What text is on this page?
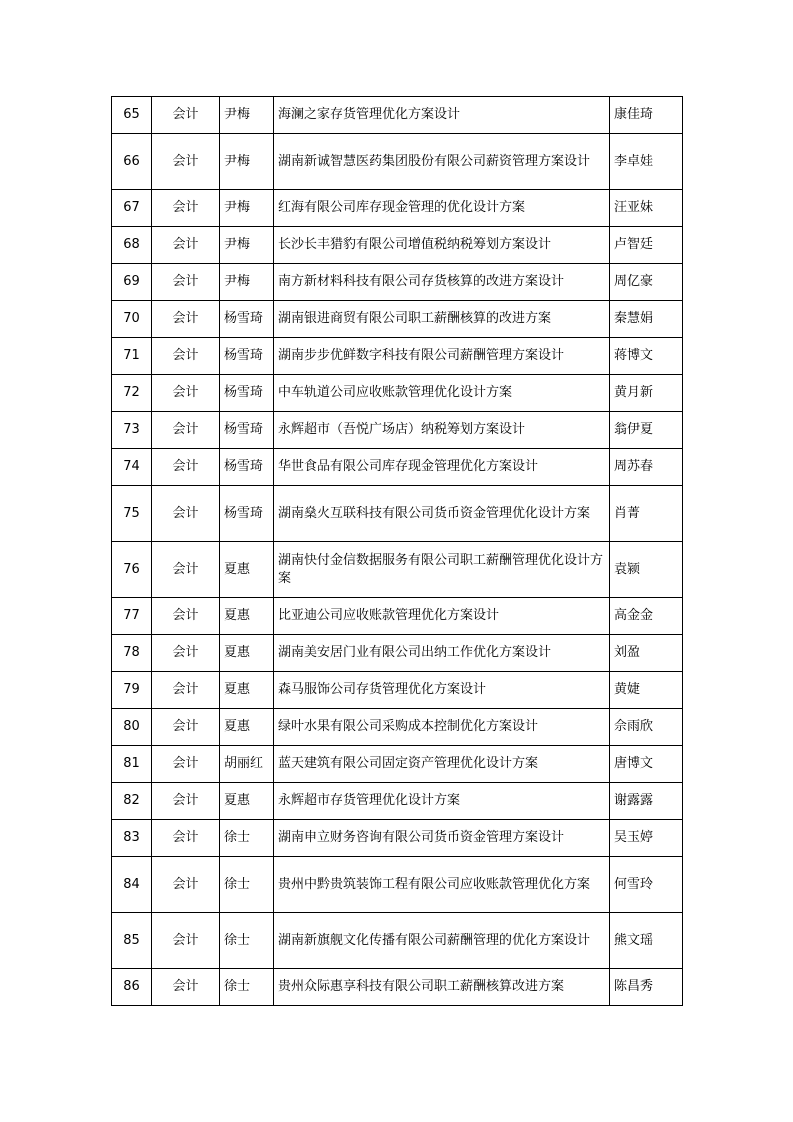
65	会计	尹梅	海澜之家存货管理优化方案设计	康佳琦
66	会计	尹梅	湖南新诚智慧医药集团股份有限公司薪资管理方案设计	李卓娃
67	会计	尹梅	红海有限公司库存现金管理的优化设计方案	汪亚妹
68	会计	尹梅	长沙长丰猎豹有限公司增值税纳税筹划方案设计	卢智廷
69	会计	尹梅	南方新材料科技有限公司存货核算的改进方案设计	周亿豪
70	会计	杨雪琦	湖南银进商贸有限公司职工薪酬核算的改进方案	秦慧娟
71	会计	杨雪琦	湖南步步优鲜数字科技有限公司薪酬管理方案设计	蒋博文
72	会计	杨雪琦	中车轨道公司应收账款管理优化设计方案	黄月新
73	会计	杨雪琦	永辉超市（吾悦广场店）纳税筹划方案设计	翁伊夏
74	会计	杨雪琦	华世食品有限公司库存现金管理优化方案设计	周苏春
75	会计	杨雪琦	湖南燊火互联科技有限公司货币资金管理优化设计方案	肖菁
76	会计	夏惠	湖南快付金信数据服务有限公司职工薪酬管理优化设计方案	袁颍
77	会计	夏惠	比亚迪公司应收账款管理优化方案设计	高金金
78	会计	夏惠	湖南美安居门业有限公司出纳工作优化方案设计	刘盈
79	会计	夏惠	森马服饰公司存货管理优化方案设计	黄婕
80	会计	夏惠	绿叶水果有限公司采购成本控制优化方案设计	佘雨欣
81	会计	胡丽红	蓝天建筑有限公司固定资产管理优化设计方案	唐博文
82	会计	夏惠	永辉超市存货管理优化设计方案	谢露露
83	会计	徐士	湖南申立财务咨询有限公司货币资金管理方案设计	吴玉婷
84	会计	徐士	贵州中黔贵筑装饰工程有限公司应收账款管理优化方案	何雪玲
85	会计	徐士	湖南新旗舰文化传播有限公司薪酬管理的优化方案设计	熊文瑶
86	会计	徐士	贵州众际惠享科技有限公司职工薪酬核算改进方案	陈昌秀
